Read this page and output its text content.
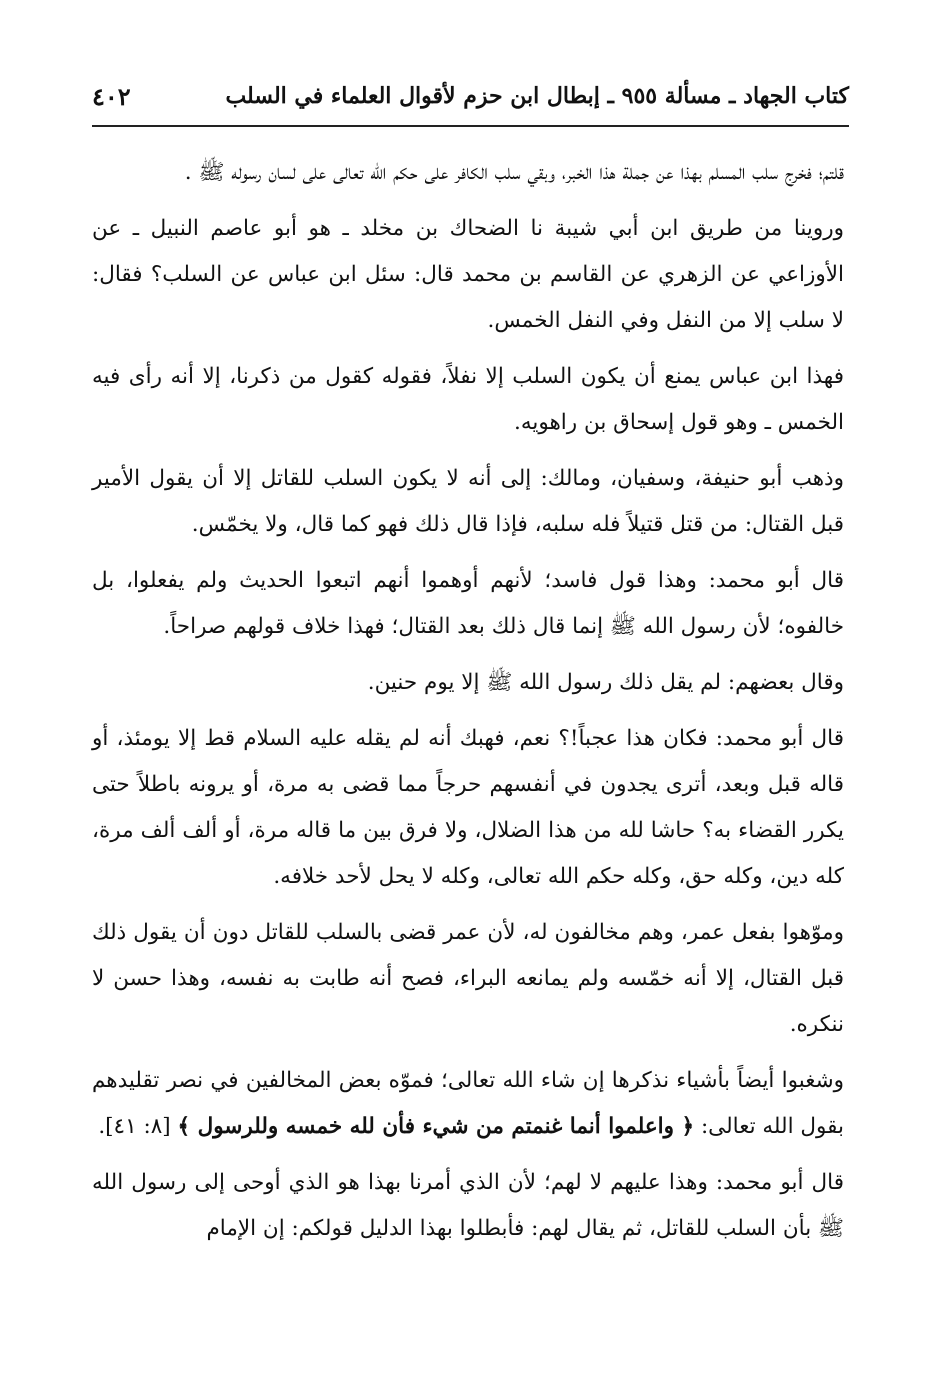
كتاب الجهاد ـ مسألة ٩٥٥ ـ إبطال ابن حزم لأقوال العلماء في السلب
٤٠٢

قلتم؛ فخرج سلب المسلم بهذا عن جملة هذا الخبر، وبقي سلب الكافر على حكم الله تعالى على لسان رسوله ﷺ .

وروينا من طريق ابن أبي شيبة نا الضحاك بن مخلد ـ هو أبو عاصم النبيل ـ عن الأوزاعي عن الزهري عن القاسم بن محمد قال: سئل ابن عباس عن السلب؟ فقال: لا سلب إلا من النفل وفي النفل الخمس.

فهذا ابن عباس يمنع أن يكون السلب إلا نفلاً، فقوله كقول من ذكرنا، إلا أنه رأى فيه الخمس ـ وهو قول إسحاق بن راهويه.

وذهب أبو حنيفة، وسفيان، ومالك: إلى أنه لا يكون السلب للقاتل إلا أن يقول الأمير قبل القتال: من قتل قتيلاً فله سلبه، فإذا قال ذلك فهو كما قال، ولا يخمّس.

قال أبو محمد: وهذا قول فاسد؛ لأنهم أوهموا أنهم اتبعوا الحديث ولم يفعلوا، بل خالفوه؛ لأن رسول الله ﷺ إنما قال ذلك بعد القتال؛ فهذا خلاف قولهم صراحاً.

وقال بعضهم: لم يقل ذلك رسول الله ﷺ إلا يوم حنين.

قال أبو محمد: فكان هذا عجباً!؟ نعم، فهبك أنه لم يقله عليه السلام قط إلا يومئذ، أو قاله قبل وبعد، أترى يجدون في أنفسهم حرجاً مما قضى به مرة، أو يرونه باطلاً حتى يكرر القضاء به؟ حاشا لله من هذا الضلال، ولا فرق بين ما قاله مرة، أو ألف ألف مرة، كله دين، وكله حق، وكله حكم الله تعالى، وكله لا يحل لأحد خلافه.

وموّهوا بفعل عمر، وهم مخالفون له، لأن عمر قضى بالسلب للقاتل دون أن يقول ذلك قبل القتال، إلا أنه خمّسه ولم يمانعه البراء، فصح أنه طابت به نفسه، وهذا حسن لا ننكره.

وشغبوا أيضاً بأشياء نذكرها إن شاء الله تعالى؛ فموّه بعض المخالفين في نصر تقليدهم بقول الله تعالى: ﴿ واعلموا أنما غنمتم من شيء فأن لله خمسه وللرسول ﴾ [٨: ٤١].

قال أبو محمد: وهذا عليهم لا لهم؛ لأن الذي أمرنا بهذا هو الذي أوحى إلى رسول الله ﷺ بأن السلب للقاتل، ثم يقال لهم: فأبطلوا بهذا الدليل قولكم: إن الإمام
